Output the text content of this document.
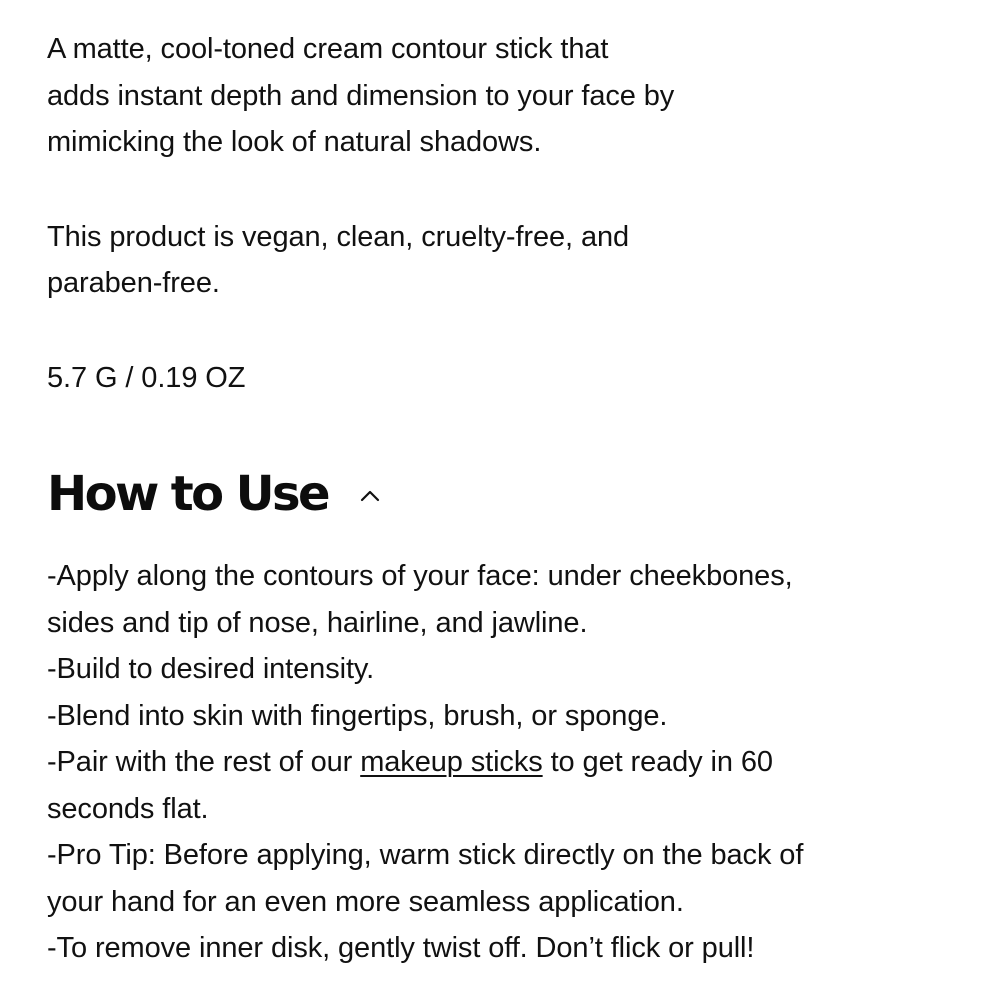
A matte, cool-toned cream contour stick that
adds instant depth and dimension to your face by
mimicking the look of natural shadows.

This product is vegan, clean, cruelty-free, and
paraben-free.

5.7 G / 0.19 OZ

How to Use
-Apply along the contours of your face: under cheekbones,
sides and tip of nose, hairline, and jawline.
-Build to desired intensity.
-Blend into skin with fingertips, brush, or sponge.
-Pair with the rest of our makeup sticks to get ready in 60
seconds flat.
-Pro Tip: Before applying, warm stick directly on the back of
your hand for an even more seamless application.
-To remove inner disk, gently twist off. Don’t flick or pull!
